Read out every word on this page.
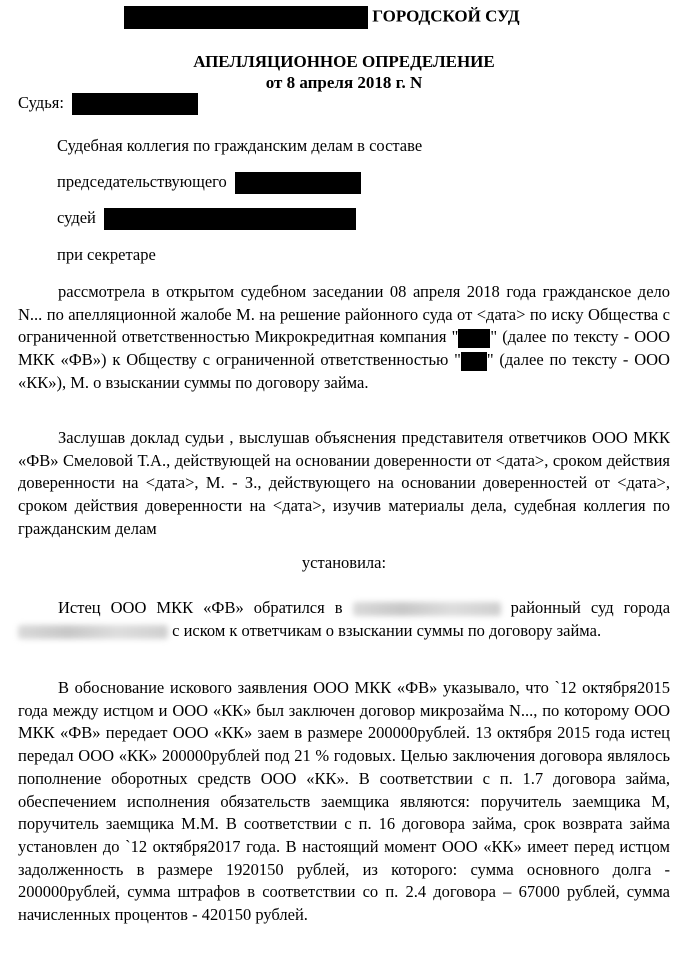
ГОРОДСКОЙ СУД
АПЕЛЛЯЦИОННОЕ ОПРЕДЕЛЕНИЕ
от 8 апреля 2018 г. N
Судья:
Судебная коллегия по гражданским делам в составе
председательствующего
судей
при секретаре

рассмотрела в открытом судебном заседании 08 апреля 2018 года гражданское дело N... по апелляционной жалобе М. на решение районного суда от <дата> по иску Общества с ограниченной ответственностью Микрокредитная компания " " (далее по тексту - ООО МКК «ФВ») к Обществу с ограниченной ответственностью " " (далее по тексту - ООО «КК»), М. о взыскании суммы по договору займа.

Заслушав доклад судьи , выслушав объяснения представителя ответчиков ООО МКК «ФВ» Смеловой Т.А., действующей на основании доверенности от <дата>, сроком действия доверенности на <дата>, М. - З., действующего на основании доверенностей от <дата>, сроком действия доверенности на <дата>, изучив материалы дела, судебная коллегия по гражданским делам

установила:

Истец ООО МКК «ФВ» обратился в	районный суд города  с иском к ответчикам о взыскании суммы по договору займа.

В обоснование искового заявления ООО МКК «ФВ» указывало, что `12 октября2015 года между истцом и ООО «КК» был заключен договор микрозайма N..., по которому ООО МКК «ФВ» передает ООО «КК» заем в размере 200000рублей. 13 октября 2015 года истец передал ООО «КК» 200000рублей под 21 % годовых. Целью заключения договора являлось пополнение оборотных средств ООО «КК». В соответствии с п. 1.7 договора займа, обеспечением исполнения обязательств заемщика являются: поручитель заемщика М, поручитель заемщика М.М. В соответствии с п. 16 договора займа, срок возврата займа установлен до `12 октября2017 года. В настоящий момент ООО «КК» имеет перед истцом задолженность в размере 1920150 рублей, из которого: сумма основного долга - 200000рублей, сумма штрафов в соответствии со п. 2.4 договора – 67000 рублей, сумма начисленных процентов - 420150 рублей.
